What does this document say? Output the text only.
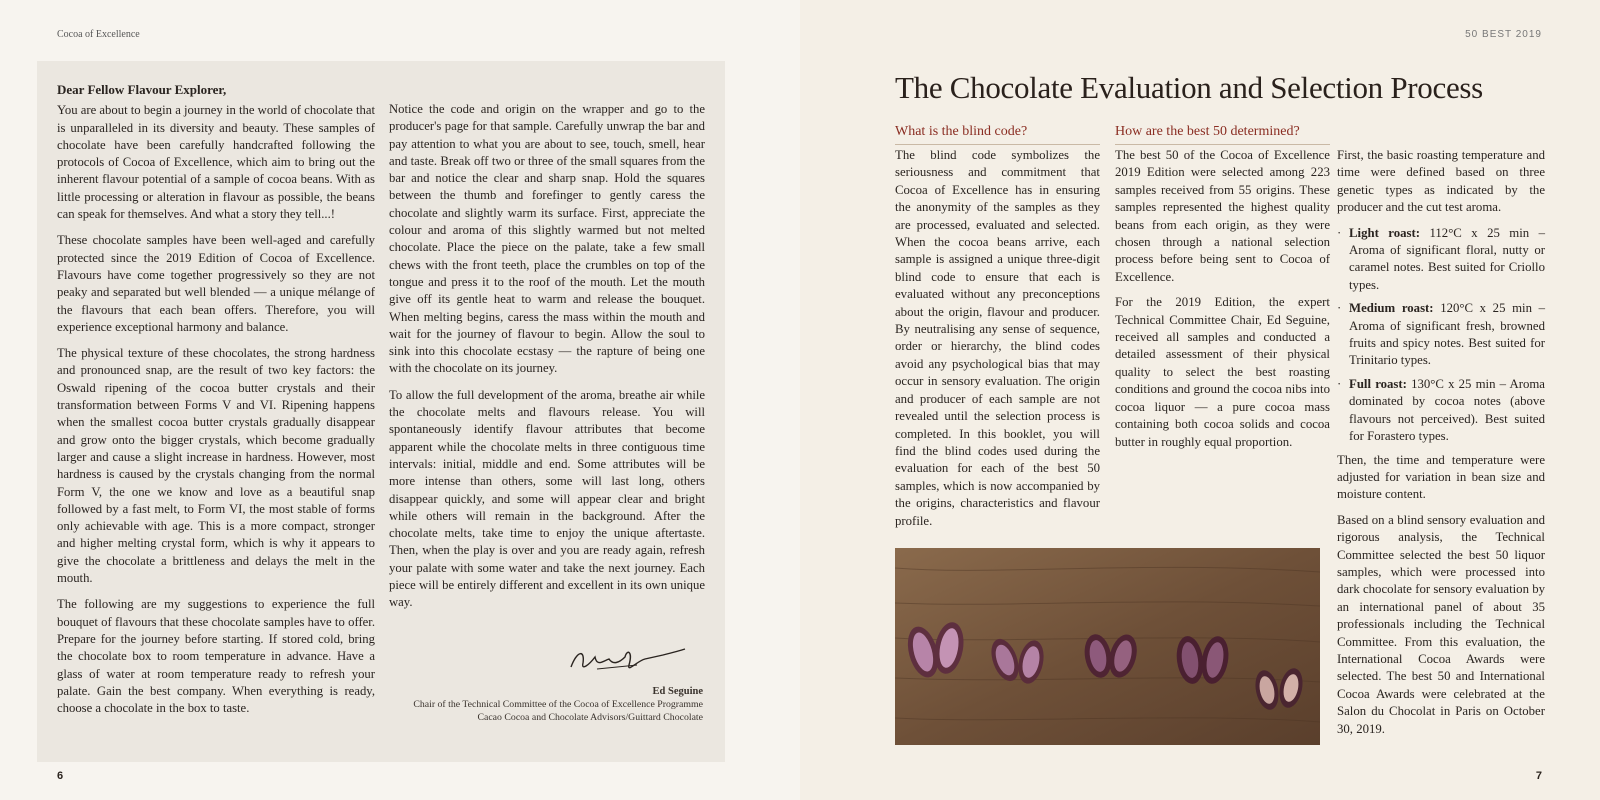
Cocoa of Excellence
Dear Fellow Flavour Explorer,

You are about to begin a journey in the world of chocolate that is unparalleled in its diversity and beauty. These samples of chocolate have been carefully handcrafted following the protocols of Cocoa of Excellence, which aim to bring out the inherent flavour potential of a sample of cocoa beans. With as little processing or alteration in flavour as possible, the beans can speak for themselves. And what a story they tell...!

These chocolate samples have been well-aged and carefully protected since the 2019 Edition of Cocoa of Excellence. Flavours have come together progressively so they are not peaky and separated but well blended — a unique mélange of the flavours that each bean offers. Therefore, you will experience exceptional harmony and balance.

The physical texture of these chocolates, the strong hardness and pronounced snap, are the result of two key factors: the Oswald ripening of the cocoa butter crystals and their transformation between Forms V and VI. Ripening happens when the smallest cocoa butter crystals gradually disappear and grow onto the bigger crystals, which become gradually larger and cause a slight increase in hardness. However, most hardness is caused by the crystals changing from the normal Form V, the one we know and love as a beautiful snap followed by a fast melt, to Form VI, the most stable of forms only achievable with age. This is a more compact, stronger and higher melting crystal form, which is why it appears to give the chocolate a brittleness and delays the melt in the mouth.

The following are my suggestions to experience the full bouquet of flavours that these chocolate samples have to offer. Prepare for the journey before starting. If stored cold, bring the chocolate box to room temperature in advance. Have a glass of water at room temperature ready to refresh your palate. Gain the best company. When everything is ready, choose a chocolate in the box to taste.

Notice the code and origin on the wrapper and go to the producer's page for that sample. Carefully unwrap the bar and pay attention to what you are about to see, touch, smell, hear and taste. Break off two or three of the small squares from the bar and notice the clear and sharp snap. Hold the squares between the thumb and forefinger to gently caress the chocolate and slightly warm its surface. First, appreciate the colour and aroma of this slightly warmed but not melted chocolate. Place the piece on the palate, take a few small chews with the front teeth, place the crumbles on top of the tongue and press it to the roof of the mouth. Let the mouth give off its gentle heat to warm and release the bouquet. When melting begins, caress the mass within the mouth and wait for the journey of flavour to begin. Allow the soul to sink into this chocolate ecstasy — the rapture of being one with the chocolate on its journey.

To allow the full development of the aroma, breathe air while the chocolate melts and flavours release. You will spontaneously identify flavour attributes that become apparent while the chocolate melts in three contiguous time intervals: initial, middle and end. Some attributes will be more intense than others, some will last long, others disappear quickly, and some will appear clear and bright while others will remain in the background. After the chocolate melts, take time to enjoy the unique aftertaste. Then, when the play is over and you are ready again, refresh your palate with some water and take the next journey. Each piece will be entirely different and excellent in its own unique way.

Ed Seguine
Chair of the Technical Committee of the Cocoa of Excellence Programme
Cacao Cocoa and Chocolate Advisors/Guittard Chocolate
6
50 BEST 2019
The Chocolate Evaluation and Selection Process
What is the blind code?	How are the best 50 determined?

The blind code symbolizes the seriousness and commitment that Cocoa of Excellence has in ensuring the anonymity of the samples as they are processed, evaluated and selected. When the cocoa beans arrive, each sample is assigned a unique three-digit blind code to ensure that each is evaluated without any preconceptions about the origin, flavour and producer. By neutralising any sense of sequence, order or hierarchy, the blind codes avoid any psychological bias that may occur in sensory evaluation. The origin and producer of each sample are not revealed until the selection process is completed. In this booklet, you will find the blind codes used during the evaluation for each of the best 50 samples, which is now accompanied by the origins, characteristics and flavour profile.

The best 50 of the Cocoa of Excellence 2019 Edition were selected among 223 samples received from 55 origins. These samples represented the highest quality beans from each origin, as they were chosen through a national selection process before being sent to Cocoa of Excellence.

For the 2019 Edition, the expert Technical Committee Chair, Ed Seguine, received all samples and conducted a detailed assessment of their physical quality to select the best roasting conditions and ground the cocoa nibs into cocoa liquor — a pure cocoa mass containing both cocoa solids and cocoa butter in roughly equal proportion.

First, the basic roasting temperature and time were defined based on three genetic types as indicated by the producer and the cut test aroma.

· Light roast: 112°C x 25 min – Aroma of significant floral, nutty or caramel notes. Best suited for Criollo types.
· Medium roast: 120°C x 25 min – Aroma of significant fresh, browned fruits and spicy notes. Best suited for Trinitario types.
· Full roast: 130°C x 25 min – Aroma dominated by cocoa notes (above flavours not perceived). Best suited for Forastero types.

Then, the time and temperature were adjusted for variation in bean size and moisture content.

Based on a blind sensory evaluation and rigorous analysis, the Technical Committee selected the best 50 liquor samples, which were processed into dark chocolate for sensory evaluation by an international panel of about 35 professionals including the Technical Committee. From this evaluation, the International Cocoa Awards were selected. The best 50 and International Cocoa Awards were celebrated at the Salon du Chocolat in Paris on October 30, 2019.

7
